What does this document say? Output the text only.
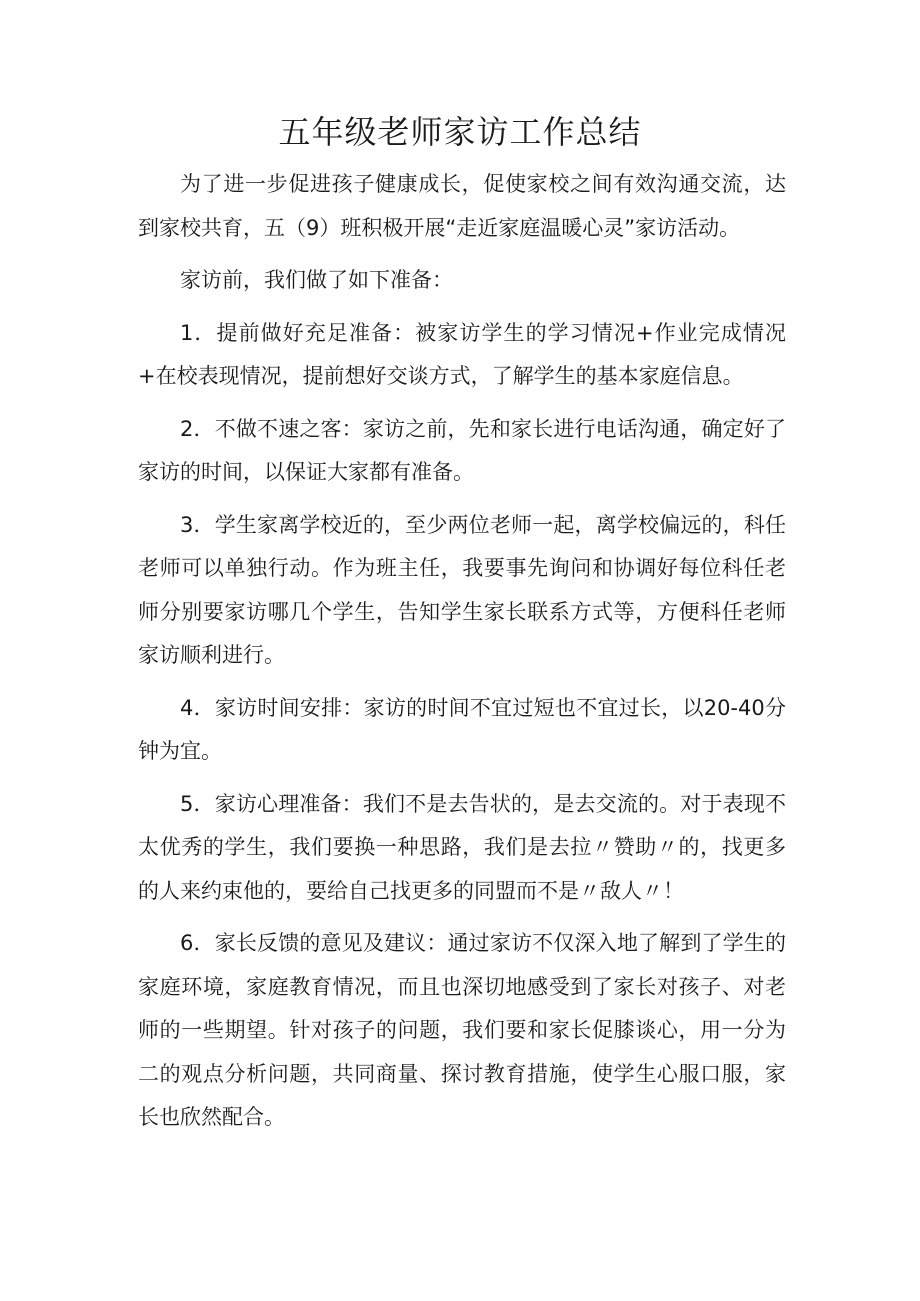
五年级老师家访工作总结

为了进一步促进孩子健康成长，促使家校之间有效沟通交流，达到家校共育，五（9）班积极开展“走近家庭温暖心灵”家访活动。

家访前，我们做了如下准备：

1．提前做好充足准备：被家访学生的学习情况+作业完成情况+在校表现情况，提前想好交谈方式，了解学生的基本家庭信息。

2．不做不速之客：家访之前，先和家长进行电话沟通，确定好了家访的时间，以保证大家都有准备。

3．学生家离学校近的，至少两位老师一起，离学校偏远的，科任老师可以单独行动。作为班主任，我要事先询问和协调好每位科任老师分别要家访哪几个学生，告知学生家长联系方式等，方便科任老师家访顺利进行。

4．家访时间安排：家访的时间不宜过短也不宜过长，以20-40分钟为宜。

5．家访心理准备：我们不是去告状的，是去交流的。对于表现不太优秀的学生，我们要换一种思路，我们是去拉〃赞助〃的，找更多的人来约束他的，要给自己找更多的同盟而不是〃敌人〃！

6．家长反馈的意见及建议：通过家访不仅深入地了解到了学生的家庭环境，家庭教育情况，而且也深切地感受到了家长对孩子、对老师的一些期望。针对孩子的问题，我们要和家长促膝谈心，用一分为二的观点分析问题，共同商量、探讨教育措施，使学生心服口服，家长也欣然配合。
